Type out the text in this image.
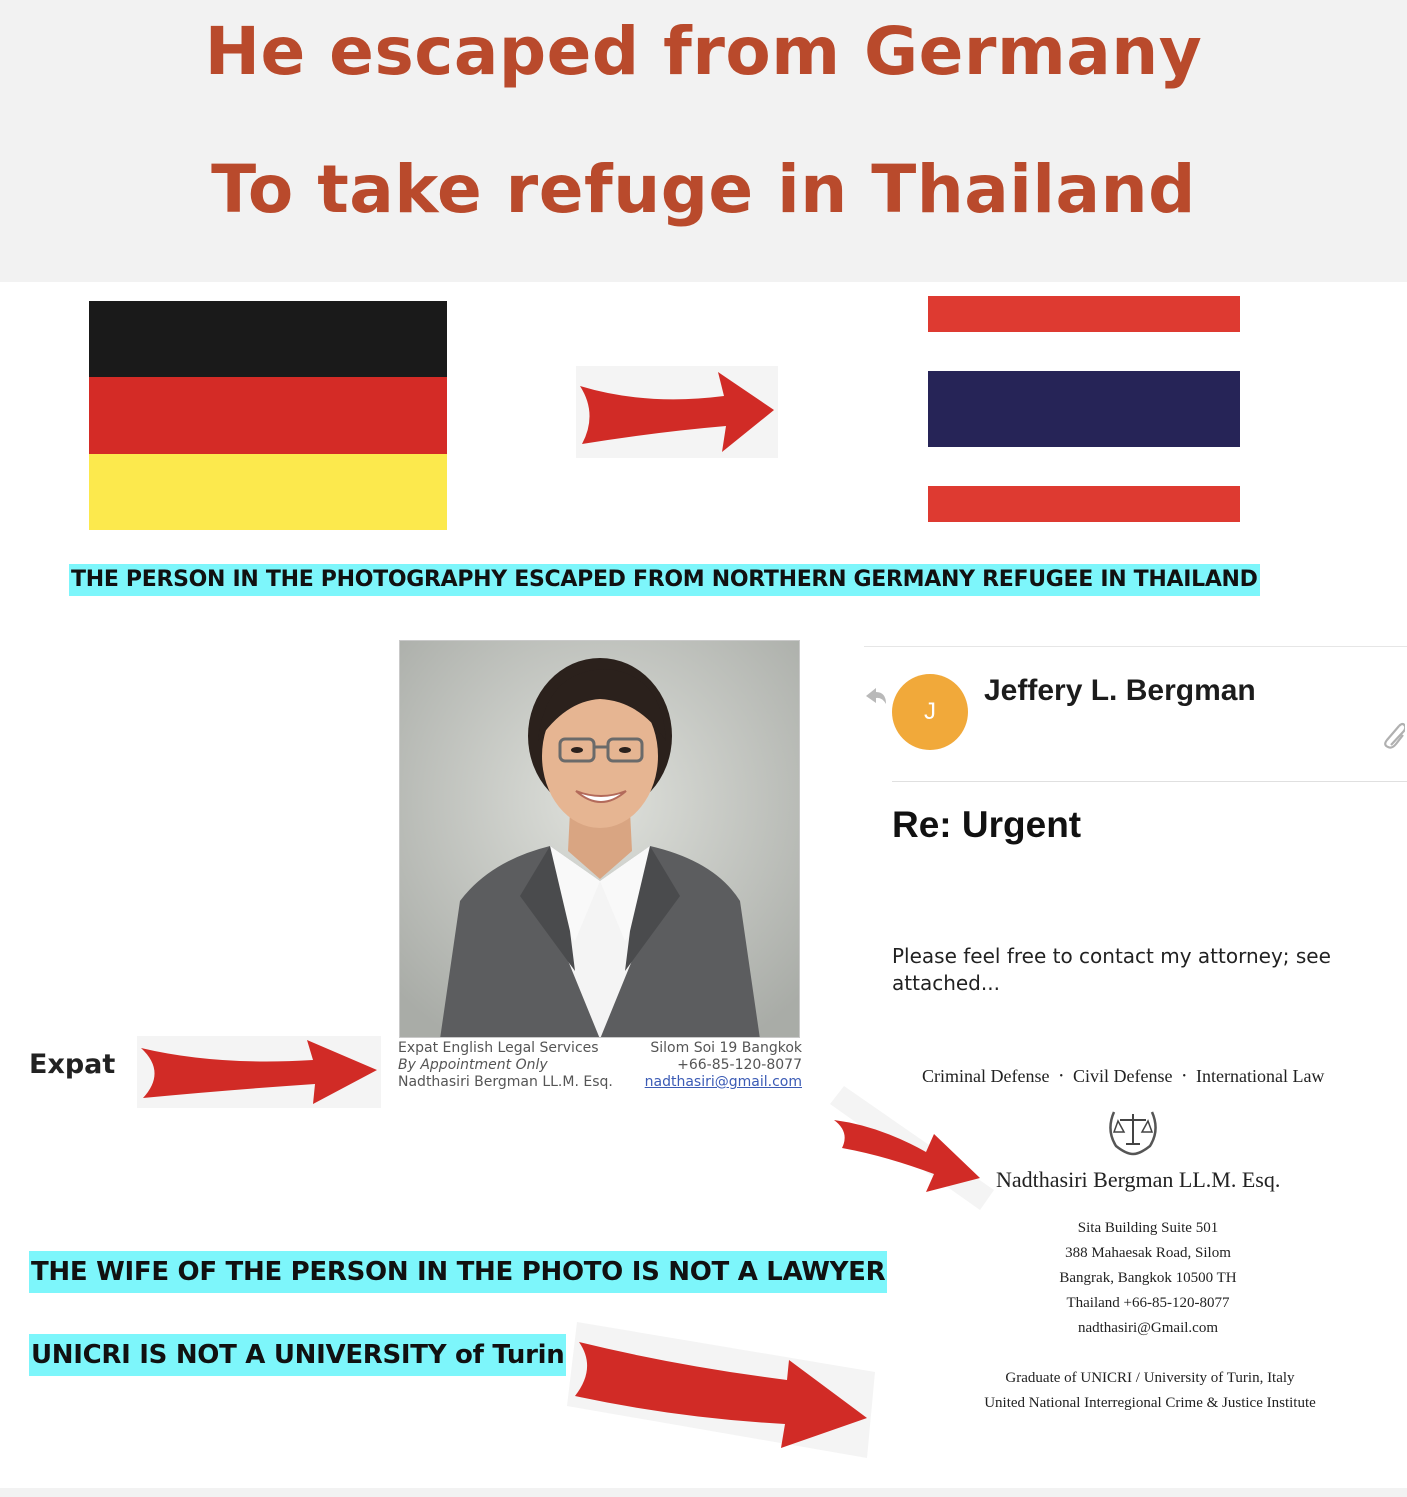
He escaped from Germany
To take refuge in Thailand
THE PERSON IN THE PHOTOGRAPHY ESCAPED FROM NORTHERN GERMANY REFUGEE IN THAILAND
Expat English Legal Services	Silom Soi 19 Bangkok
By Appointment Only	+66-85-120-8077
Nadthasiri Bergman LL.M. Esq. nadthasiri@gmail.com
Expat
J
Jeffery L. Bergman
Re: Urgent
Please feel free to contact my attorney; see attached...
Criminal Defense • Civil Defense • International Law
Nadthasiri Bergman LL.M. Esq.
Sita Building Suite 501
388 Mahaesak Road, Silom
Bangrak, Bangkok 10500 TH
Thailand +66-85-120-8077
nadthasiri@Gmail.com
Graduate of UNICRI / University of Turin, Italy
United National Interregional Crime & Justice Institute
THE WIFE OF THE PERSON IN THE PHOTO IS NOT A LAWYER
UNICRI IS NOT A UNIVERSITY of Turin
